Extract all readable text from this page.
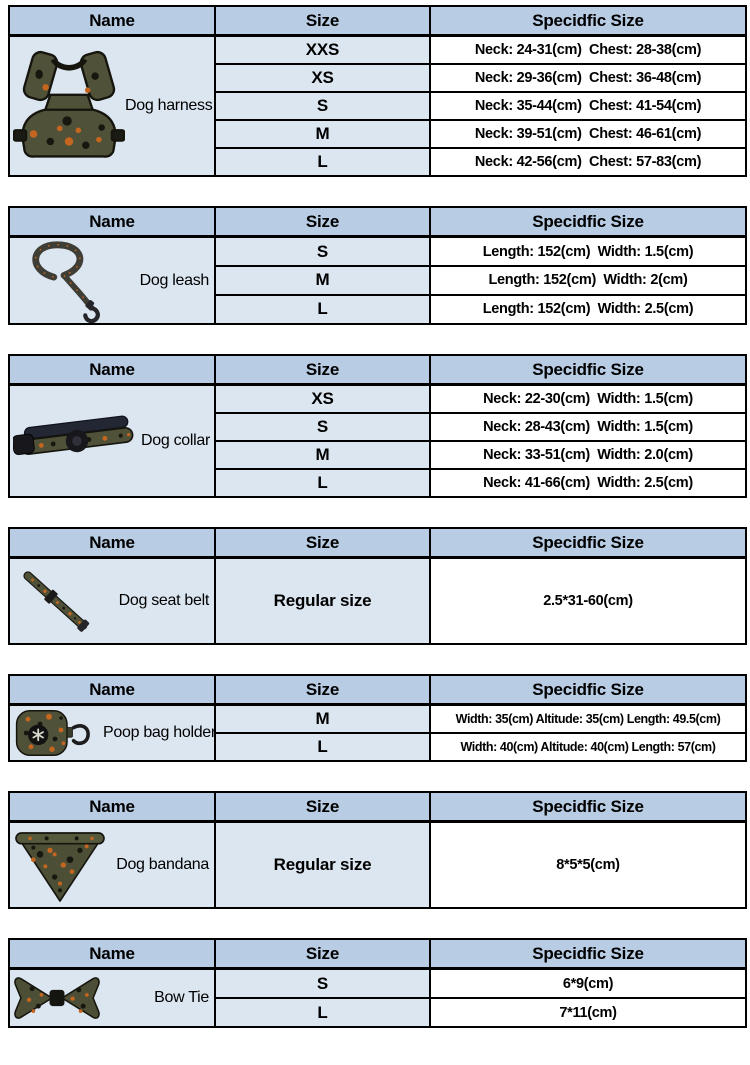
Name	Size	Specidfic Size

Dog harness	XXS	Neck: 24-31(cm)  Chest: 28-38(cm)
	XS	Neck: 29-36(cm)  Chest: 36-48(cm)
	S	Neck: 35-44(cm)  Chest: 41-54(cm)
	M	Neck: 39-51(cm)  Chest: 46-61(cm)
	L	Neck: 42-56(cm)  Chest: 57-83(cm)
Name	Size	Specidfic Size

Dog leash	S	Length: 152(cm)  Width: 1.5(cm)
	M	Length: 152(cm)  Width: 2(cm)
	L	Length: 152(cm)  Width: 2.5(cm)
Name	Size	Specidfic Size

Dog collar	XS	Neck: 22-30(cm)  Width: 1.5(cm)
	S	Neck: 28-43(cm)  Width: 1.5(cm)
	M	Neck: 33-51(cm)  Width: 2.0(cm)
	L	Neck: 41-66(cm)  Width: 2.5(cm)
Name	Size	Specidfic Size

Dog seat belt	Regular size	2.5*31-60(cm)
Name	Size	Specidfic Size

Poop bag holder	M	Width: 35(cm) Altitude: 35(cm) Length: 49.5(cm)
	L	Width: 40(cm) Altitude: 40(cm) Length: 57(cm)
Name	Size	Specidfic Size

Dog bandana	Regular size	8*5*5(cm)
Name	Size	Specidfic Size

Bow Tie	S	6*9(cm)
	L	7*11(cm)
